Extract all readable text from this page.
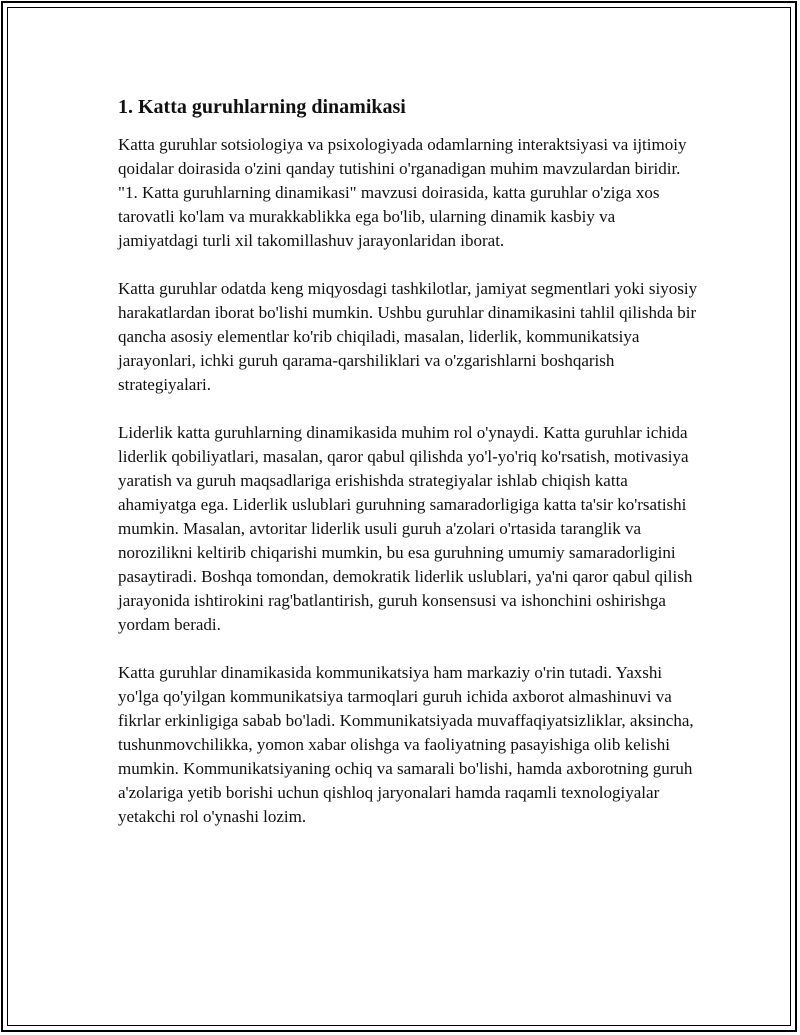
1. Katta guruhlarning dinamikasi

Katta guruhlar sotsiologiya va psixologiyada odamlarning interaktsiyasi va ijtimoiy qoidalar doirasida o'zini qanday tutishini o'rganadigan muhim mavzulardan biridir. "1. Katta guruhlarning dinamikasi" mavzusi doirasida, katta guruhlar o'ziga xos tarovatli ko'lam va murakkablikka ega bo'lib, ularning dinamik kasbiy va jamiyatdagi turli xil takomillashuv jarayonlaridan iborat.

Katta guruhlar odatda keng miqyosdagi tashkilotlar, jamiyat segmentlari yoki siyosiy harakatlardan iborat bo'lishi mumkin. Ushbu guruhlar dinamikasini tahlil qilishda bir qancha asosiy elementlar ko'rib chiqiladi, masalan, liderlik, kommunikatsiya jarayonlari, ichki guruh qarama-qarshiliklari va o'zgarishlarni boshqarish strategiyalari.

Liderlik katta guruhlarning dinamikasida muhim rol o'ynaydi. Katta guruhlar ichida liderlik qobiliyatlari, masalan, qaror qabul qilishda yo'l-yo'riq ko'rsatish, motivasiya yaratish va guruh maqsadlariga erishishda strategiyalar ishlab chiqish katta ahamiyatga ega. Liderlik uslublari guruhning samaradorligiga katta ta'sir ko'rsatishi mumkin. Masalan, avtoritar liderlik usuli guruh a'zolari o'rtasida taranglik va norozilikni keltirib chiqarishi mumkin, bu esa guruhning umumiy samaradorligini pasaytiradi. Boshqa tomondan, demokratik liderlik uslublari, ya'ni qaror qabul qilish jarayonida ishtirokini rag'batlantirish, guruh konsensusi va ishonchini oshirishga yordam beradi.

Katta guruhlar dinamikasida kommunikatsiya ham markaziy o'rin tutadi. Yaxshi yo'lga qo'yilgan kommunikatsiya tarmoqlari guruh ichida axborot almashinuvi va fikrlar erkinligiga sabab bo'ladi. Kommunikatsiyada muvaffaqiyatsizliklar, aksincha, tushunmovchilikka, yomon xabar olishga va faoliyatning pasayishiga olib kelishi mumkin. Kommunikatsiyaning ochiq va samarali bo'lishi, hamda axborotning guruh a'zolariga yetib borishi uchun qishloq jaryonalari hamda raqamli texnologiyalar yetakchi rol o'ynashi lozim.
